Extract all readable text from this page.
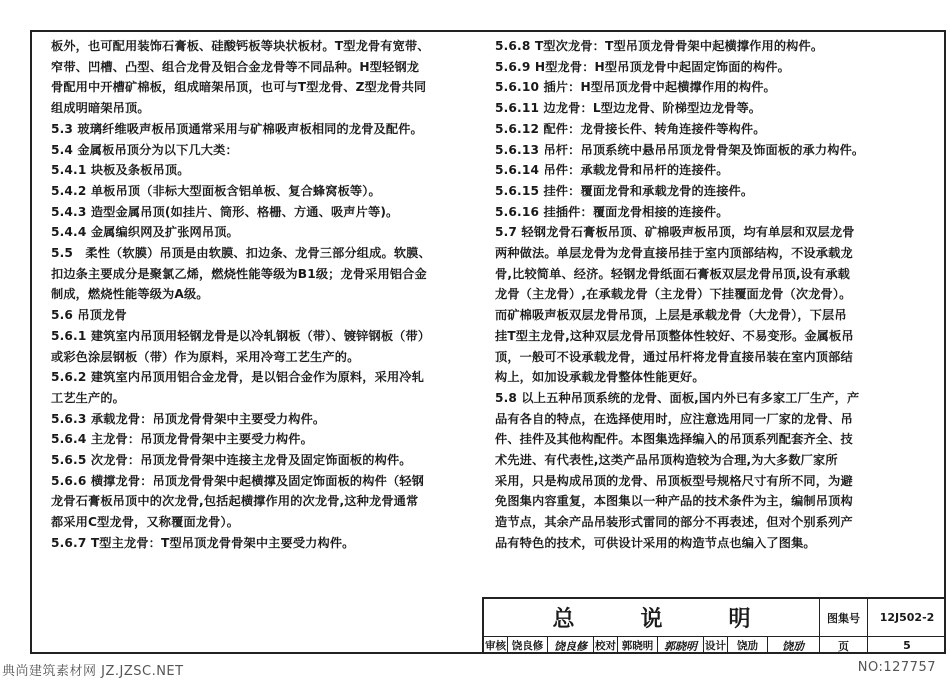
板外，也可配用装饰石膏板、硅酸钙板等块状板材。T型龙骨有宽带、
窄带、凹槽、凸型、组合龙骨及铝合金龙骨等不同品种。H型轻钢龙
骨配用中开槽矿棉板，组成暗架吊顶，也可与T型龙骨、Z型龙骨共同
组成明暗架吊顶。
5.3 玻璃纤维吸声板吊顶通常采用与矿棉吸声板相同的龙骨及配件。
5.4 金属板吊顶分为以下几大类：
5.4.1 块板及条板吊顶。
5.4.2 单板吊顶（非标大型面板含铝单板、复合蜂窝板等）。
5.4.3 造型金属吊顶(如挂片、筒形、格栅、方通、吸声片等)。
5.4.4 金属编织网及扩张网吊顶。
5.5　柔性（软膜）吊顶是由软膜、扣边条、龙骨三部分组成。软膜、
扣边条主要成分是聚氯乙烯，燃烧性能等级为B1级；龙骨采用铝合金
制成，燃烧性能等级为A级。
5.6 吊顶龙骨
5.6.1 建筑室内吊顶用轻钢龙骨是以冷轧钢板（带）、镀锌钢板（带）
或彩色涂层钢板（带）作为原料，采用冷弯工艺生产的。
5.6.2 建筑室内吊顶用铝合金龙骨，是以铝合金作为原料，采用冷轧
工艺生产的。
5.6.3 承载龙骨：吊顶龙骨骨架中主要受力构件。
5.6.4 主龙骨：吊顶龙骨骨架中主要受力构件。
5.6.5 次龙骨：吊顶龙骨骨架中连接主龙骨及固定饰面板的构件。
5.6.6 横撑龙骨：吊顶龙骨骨架中起横撑及固定饰面板的构件（轻钢
龙骨石膏板吊顶中的次龙骨,包括起横撑作用的次龙骨,这种龙骨通常
都采用C型龙骨，又称覆面龙骨）。
5.6.7 T型主龙骨：T型吊顶龙骨骨架中主要受力构件。
5.6.8 T型次龙骨：T型吊顶龙骨骨架中起横撑作用的构件。
5.6.9 H型龙骨：H型吊顶龙骨中起固定饰面的构件。
5.6.10 插片：H型吊顶龙骨中起横撑作用的构件。
5.6.11 边龙骨：L型边龙骨、阶梯型边龙骨等。
5.6.12 配件：龙骨接长件、转角连接件等构件。
5.6.13 吊杆：吊顶系统中悬吊吊顶龙骨骨架及饰面板的承力构件。
5.6.14 吊件：承载龙骨和吊杆的连接件。
5.6.15 挂件：覆面龙骨和承载龙骨的连接件。
5.6.16 挂插件：覆面龙骨相接的连接件。
5.7 轻钢龙骨石膏板吊顶、矿棉吸声板吊顶，均有单层和双层龙骨
两种做法。单层龙骨为龙骨直接吊挂于室内顶部结构，不设承载龙
骨,比较简单、经济。轻钢龙骨纸面石膏板双层龙骨吊顶,设有承载
龙骨（主龙骨）,在承载龙骨（主龙骨）下挂覆面龙骨（次龙骨）。
而矿棉吸声板双层龙骨吊顶，上层是承载龙骨（大龙骨），下层吊
挂T型主龙骨,这种双层龙骨吊顶整体性较好、不易变形。金属板吊
顶，一般可不设承载龙骨，通过吊杆将龙骨直接吊装在室内顶部结
构上，如加设承载龙骨整体性能更好。
5.8 以上五种吊顶系统的龙骨、面板,国内外已有多家工厂生产，产
品有各自的特点，在选择使用时，应注意选用同一厂家的龙骨、吊
件、挂件及其他构配件。本图集选择编入的吊顶系列配套齐全、技
术先进、有代表性,这类产品吊顶构造较为合理,为大多数厂家所
采用，只是构成吊顶的龙骨、吊顶板型号规格尺寸有所不同，为避
免图集内容重复，本图集以一种产品的技术条件为主，编制吊顶构
造节点，其余产品吊装形式雷同的部分不再表述，但对个别系列产
品有特色的技术，可供设计采用的构造节点也编入了图集。
总　说　明	图集号	12J502-2
页	5
审核 饶良修 饶良修 校对 郭晓明 郭晓明 设计	饶劢	饶劢
典尚建筑素材网 JZ.JZSC.NET	NO:127757
